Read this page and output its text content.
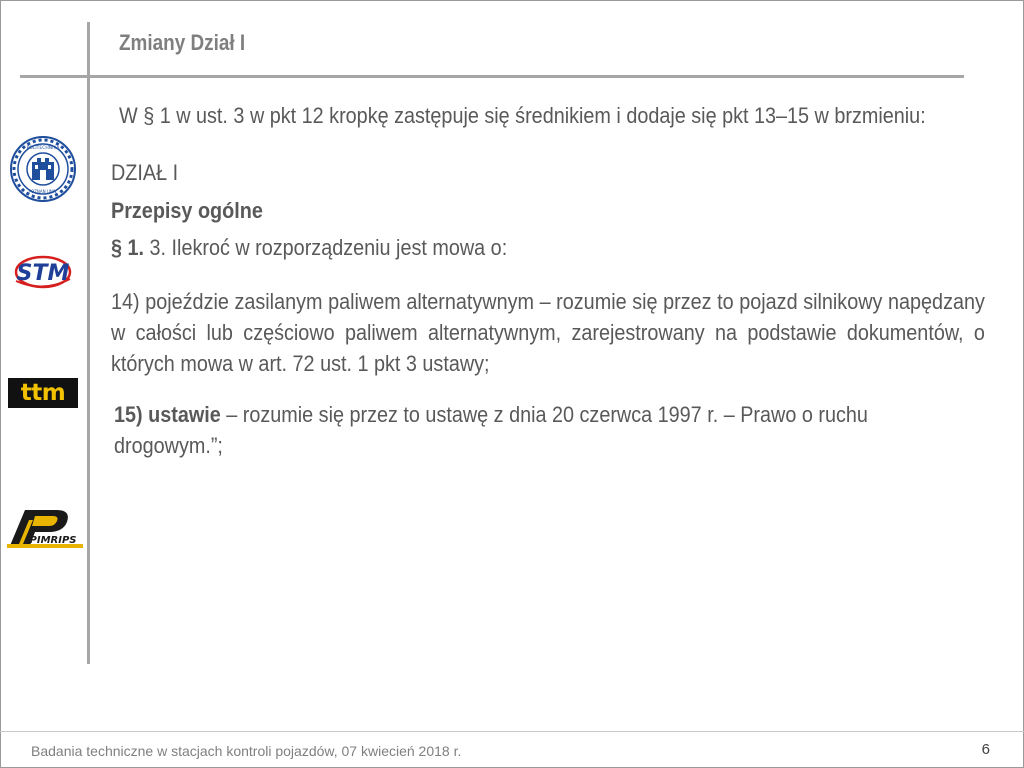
Zmiany Dział I
W § 1 w ust. 3 w pkt 12 kropkę zastępuje się średnikiem i dodaje się pkt 13–15 w brzmieniu:
DZIAŁ I
Przepisy ogólne
§ 1. 3. Ilekroć w rozporządzeniu jest mowa o:
14) pojeździe zasilanym paliwem alternatywnym – rozumie się przez to pojazd silnikowy napędzany w całości lub częściowo paliwem alternatywnym, zarejestrowany na podstawie dokumentów, o których mowa w art. 72 ust. 1 pkt 3 ustawy;
15) ustawie – rozumie się przez to ustawę z dnia 20 czerwca 1997 r. – Prawo o ruchu drogowym.”;
POLITECHNIKA
POZNAN UNIV.
STM
ttm
PIMRIPS
Badania techniczne w stacjach kontroli pojazdów, 07 kwiecień 2018 r.	6
